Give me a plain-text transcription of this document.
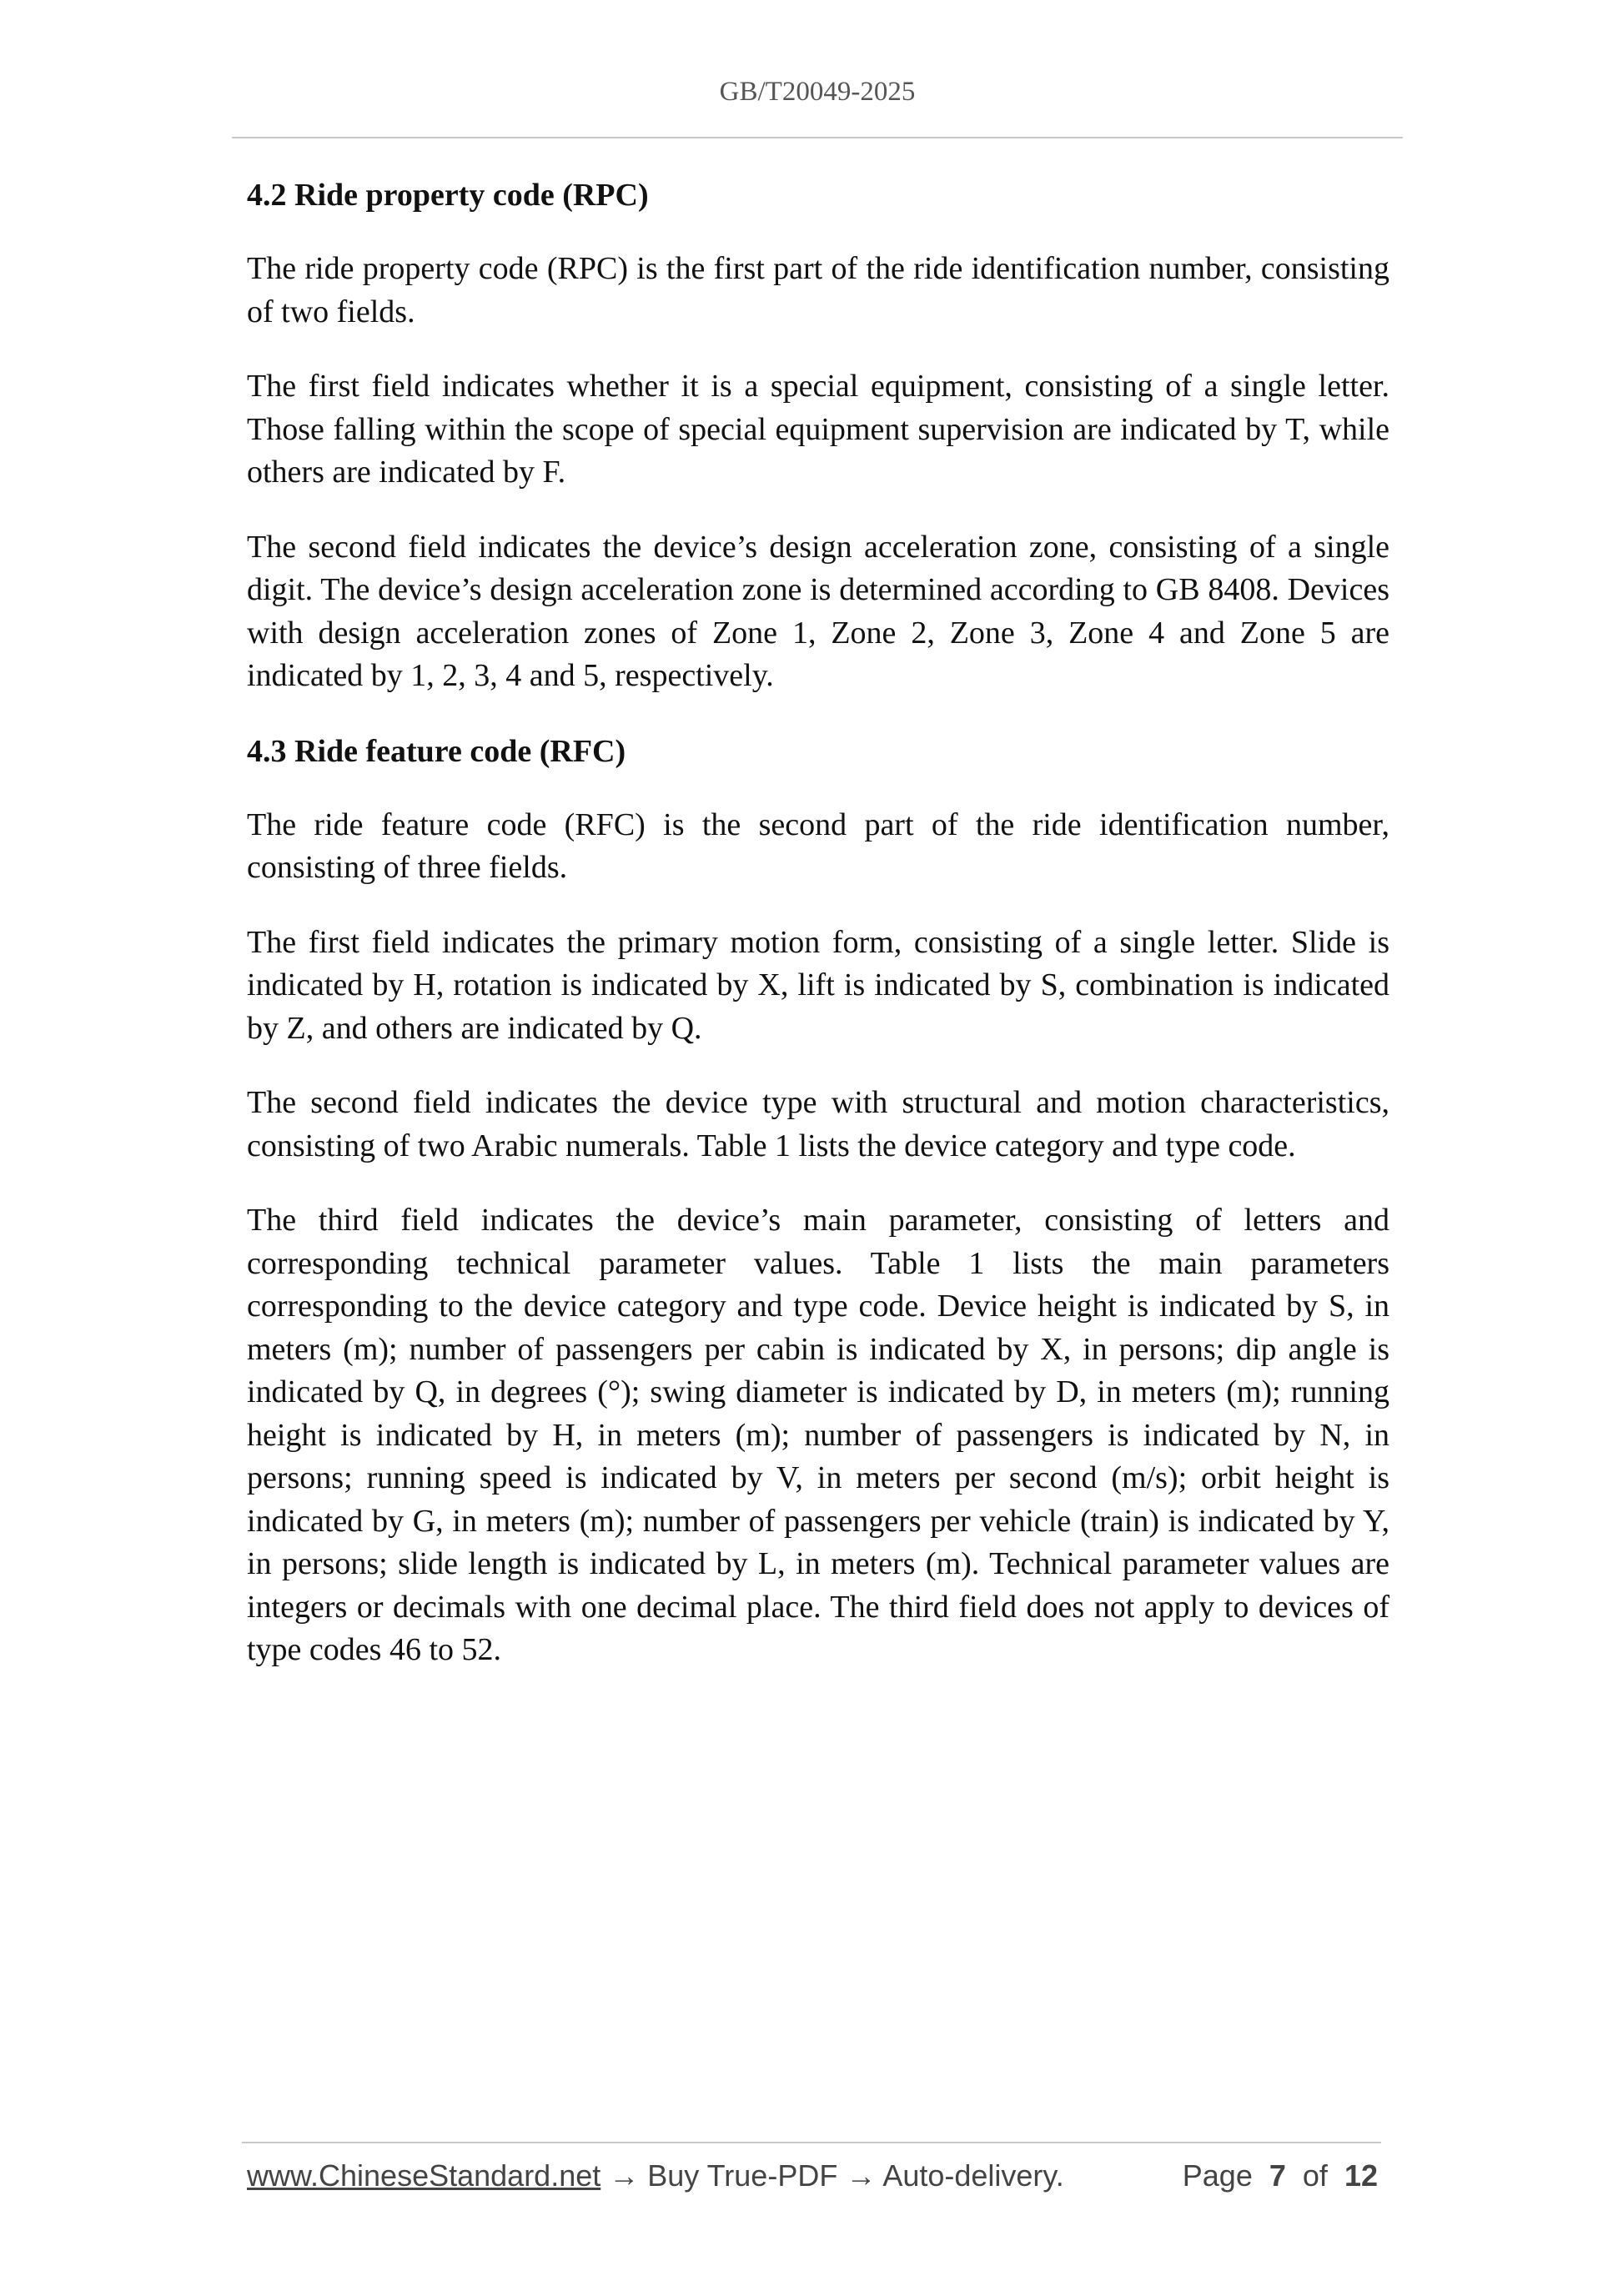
GB/T20049-2025
4.2 Ride property code (RPC)

The ride property code (RPC) is the first part of the ride identification number, consisting of two fields.

The first field indicates whether it is a special equipment, consisting of a single letter. Those falling within the scope of special equipment supervision are indicated by T, while others are indicated by F.

The second field indicates the device’s design acceleration zone, consisting of a single digit. The device’s design acceleration zone is determined according to GB 8408. Devices with design acceleration zones of Zone 1, Zone 2, Zone 3, Zone 4 and Zone 5 are indicated by 1, 2, 3, 4 and 5, respectively.

4.3 Ride feature code (RFC)

The ride feature code (RFC) is the second part of the ride identification number, consisting of three fields.

The first field indicates the primary motion form, consisting of a single letter. Slide is indicated by H, rotation is indicated by X, lift is indicated by S, combination is indicated by Z, and others are indicated by Q.

The second field indicates the device type with structural and motion characteristics, consisting of two Arabic numerals. Table 1 lists the device category and type code.

The third field indicates the device’s main parameter, consisting of letters and corresponding technical parameter values. Table 1 lists the main parameters corresponding to the device category and type code. Device height is indicated by S, in meters (m); number of passengers per cabin is indicated by X, in persons; dip angle is indicated by Q, in degrees (°); swing diameter is indicated by D, in meters (m); running height is indicated by H, in meters (m); number of passengers is indicated by N, in persons; running speed is indicated by V, in meters per second (m/s); orbit height is indicated by G, in meters (m); number of passengers per vehicle (train) is indicated by Y, in persons; slide length is indicated by L, in meters (m). Technical parameter values are integers or decimals with one decimal place. The third field does not apply to devices of type codes 46 to 52.

www.ChineseStandard.net → Buy True-PDF → Auto-delivery.	Page 7 of 12
